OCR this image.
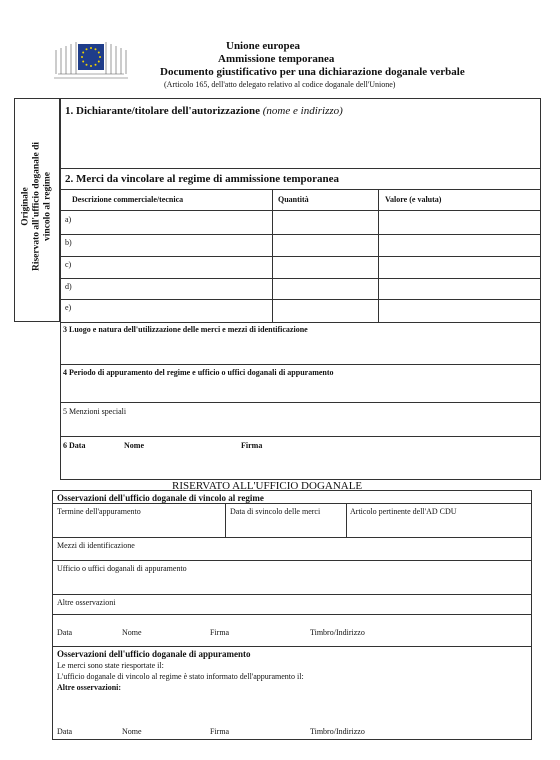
Unione europea
Ammissione temporanea
Documento giustificativo per una dichiarazione doganale verbale
(Articolo 165, dell'atto delegato relativo al codice doganale dell'Unione)
Originale Riservato all'ufficio doganale di vincolo al regime
1. Dichiarante/titolare dell'autorizzazione (nome e indirizzo)
2. Merci da vincolare al regime di ammissione temporanea
Descrizione commerciale/tecnica	Quantità	Valore (e valuta)
a)
b)
c)
d)
e)
3 Luogo e natura dell'utilizzazione delle merci e mezzi di identificazione
4 Periodo di appuramento del regime e ufficio o uffici doganali di appuramento
5 Menzioni speciali
6 Data	Nome	Firma
RISERVATO ALL'UFFICIO DOGANALE
Osservazioni dell'ufficio doganale di vincolo al regime
Termine dell'appuramento	Data di svincolo delle merci	Articolo pertinente dell'AD CDU
Mezzi di identificazione
Ufficio o uffici doganali di appuramento
Altre osservazioni
Data	Nome	Firma	Timbro/Indirizzo
Osservazioni dell'ufficio doganale di appuramento
Le merci sono state riesportate il:
L'ufficio doganale di vincolo al regime è stato informato dell'appuramento il:
Altre osservazioni:
Data	Nome	Firma	Timbro/Indirizzo
